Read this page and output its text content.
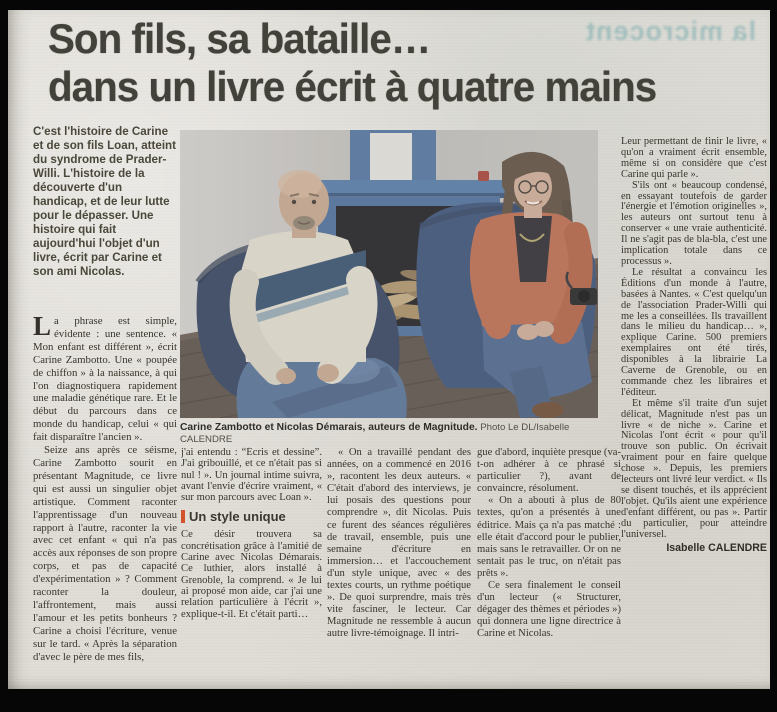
la microcent
Son fils, sa bataille…
dans un livre écrit à quatre mains
C'est l'histoire de Carine et de son fils Loan, atteint du syndrome de Prader-Willi. L'histoire de la découverte d'un handicap, et de leur lutte pour le dépasser. Une histoire qui fait aujourd'hui l'objet d'un livre, écrit par Carine et son ami Nicolas.

La phrase est simple, évidente : une sentence. « Mon enfant est différent », écrit Carine Zambotto. Une « poupée de chiffon » à la naissance, à qui l'on diagnostiquera rapidement une maladie génétique rare. Et le début du parcours dans ce monde du handicap, celui « qui fait disparaître l'ancien ».

Seize ans après ce séisme, Carine Zambotto sourit en présentant Magnitude, ce livre qui est aussi un singulier objet artistique. Comment raconter l'apprentissage d'un nouveau rapport à l'autre, raconter la vie avec cet enfant « qui n'a pas accès aux réponses de son propre corps, et pas de capacité d'expérimentation » ? Comment raconter la douleur, l'affrontement, mais aussi l'amour et les petits bonheurs ? Carine a choisi l'écriture, venue sur le tard. « Après la séparation d'avec le père de mes fils,

Carine Zambotto et Nicolas Démarais, auteurs de Magnitude. Photo Le DL/Isabelle CALENDRE

j'ai entendu : “Écris et dessine”. J'ai gribouillé, et ce n'était pas si nul ! ». Un journal intime suivra, avant l'envie d'écrire vraiment, « sur mon parcours avec Loan ».

Un style unique

Ce désir trouvera sa concrétisation grâce à l'amitié de Carine avec Nicolas Démarais. Ce luthier, alors installé à Grenoble, la comprend. « Je lui ai proposé mon aide, car j'ai une relation particulière à l'écrit », explique-t-il. Et c'était parti…

« On a travaillé pendant des années, on a commencé en 2016 », racontent les deux auteurs. « C'était d'abord des interviews, je lui posais des questions pour comprendre », dit Nicolas. Puis ce furent des séances régulières de travail, ensemble, puis une semaine d'écriture en immersion… et l'accouchement d'un style unique, avec « des textes courts, un rythme poétique ». De quoi surprendre, mais très vite fasciner, le lecteur. Car Magnitude ne ressemble à aucun autre livre-témoignage. Il intri-

gue d'abord, inquiète presque (va-t-on adhérer à ce phrasé si particulier ?), avant de convaincre, résolument.

« On a abouti à plus de 80 textes, qu'on a présentés à une éditrice. Mais ça n'a pas matché : elle était d'accord pour le publier, mais sans le retravailler. Or on ne sentait pas le truc, on n'était pas prêts ».

Ce sera finalement le conseil d'un lecteur (« Structurer, dégager des thèmes et périodes ») qui donnera une ligne directrice à Carine et Nicolas.

Leur permettant de finir le livre, « qu'on a vraiment écrit ensemble, même si on considère que c'est Carine qui parle ».

S'ils ont « beaucoup condensé, en essayant toutefois de garder l'énergie et l'émotion originelles », les auteurs ont surtout tenu à conserver « une vraie authenticité. Il ne s'agit pas de bla-bla, c'est une implication totale dans ce processus ».

Le résultat a convaincu les Éditions d'un monde à l'autre, basées à Nantes. « C'est quelqu'un de l'association Prader-Willi qui me les a conseillées. Ils travaillent dans le milieu du handicap… », explique Carine. 500 premiers exemplaires ont été tirés, disponibles à la librairie La Caverne de Grenoble, ou en commande chez les libraires et l'éditeur.

Et même s'il traite d'un sujet délicat, Magnitude n'est pas un livre « de niche ». Carine et Nicolas l'ont écrit « pour qu'il trouve son public. On écrivait vraiment pour en faire quelque chose ». Depuis, les premiers lecteurs ont livré leur verdict. « Ils se disent touchés, et ils apprécient l'objet. Qu'ils aient une expérience d'enfant différent, ou pas ». Partir du particulier, pour atteindre l'universel.

Isabelle CALENDRE
